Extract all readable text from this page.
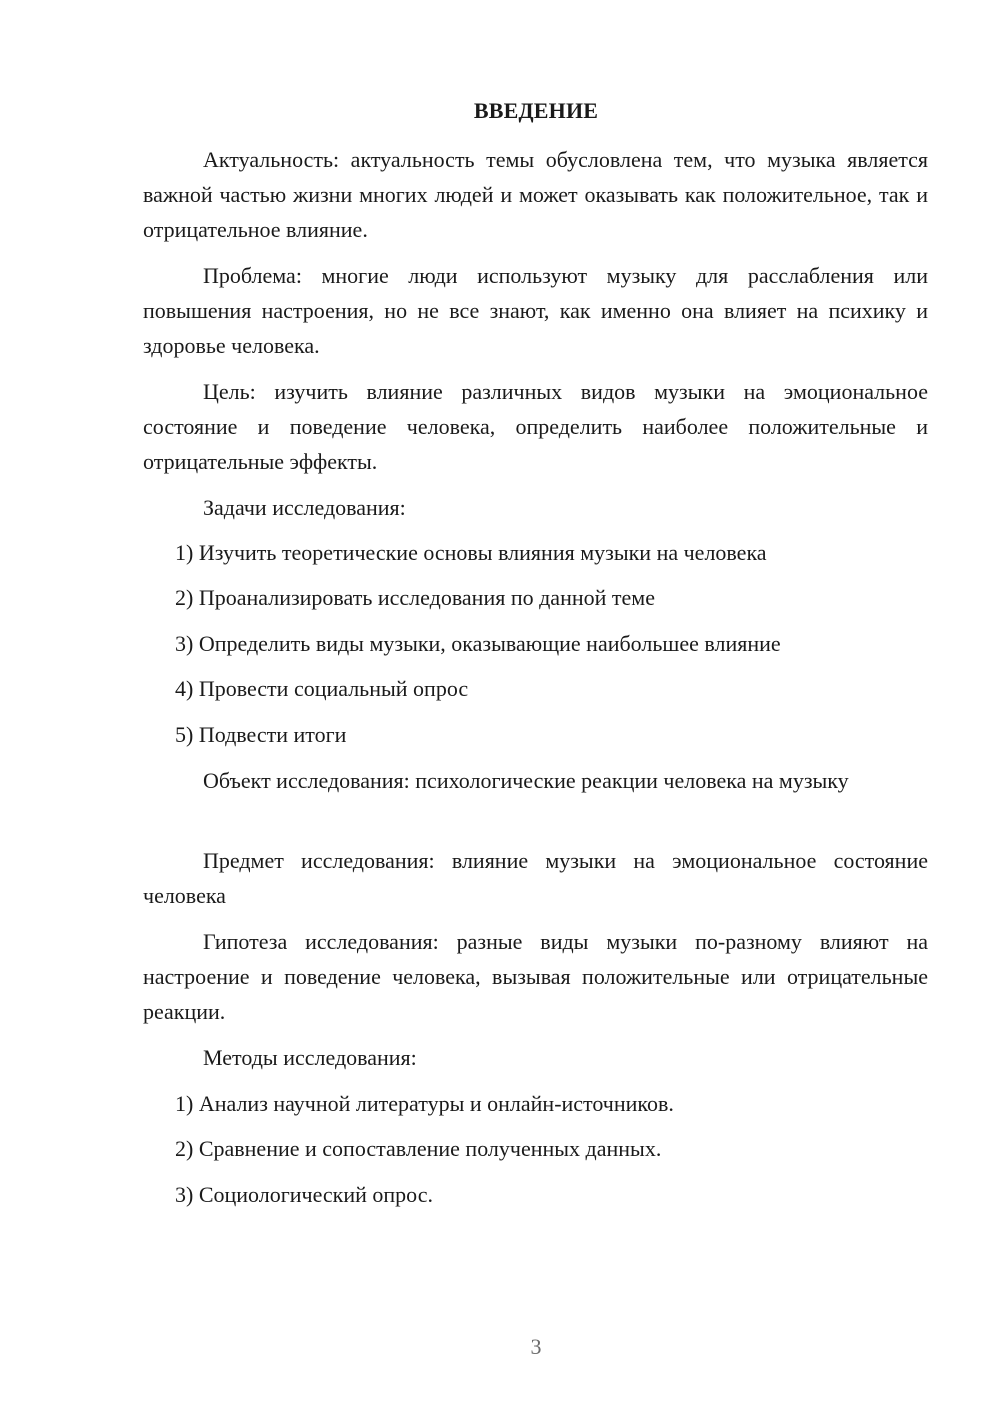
ВВЕДЕНИЕ

Актуальность: актуальность темы обусловлена тем, что музыка является важной частью жизни многих людей и может оказывать как положительное, так и отрицательное влияние.

Проблема: многие люди используют музыку для расслабления или повышения настроения, но не все знают, как именно она влияет на психику и здоровье человека.

Цель: изучить влияние различных видов музыки на эмоциональное состояние и поведение человека, определить наиболее положительные и отрицательные эффекты.

Задачи исследования:
1) Изучить теоретические основы влияния музыки на человека
2) Проанализировать исследования по данной теме
3) Определить виды музыки, оказывающие наибольшее влияние
4) Провести социальный опрос
5) Подвести итоги

Объект исследования: психологические реакции человека на музыку

Предмет исследования: влияние музыки на эмоциональное состояние человека

Гипотеза исследования: разные виды музыки по-разному влияют на настроение и поведение человека, вызывая положительные или отрицательные реакции.

Методы исследования:
1) Анализ научной литературы и онлайн-источников.
2) Сравнение и сопоставление полученных данных.
3) Социологический опрос.
3
